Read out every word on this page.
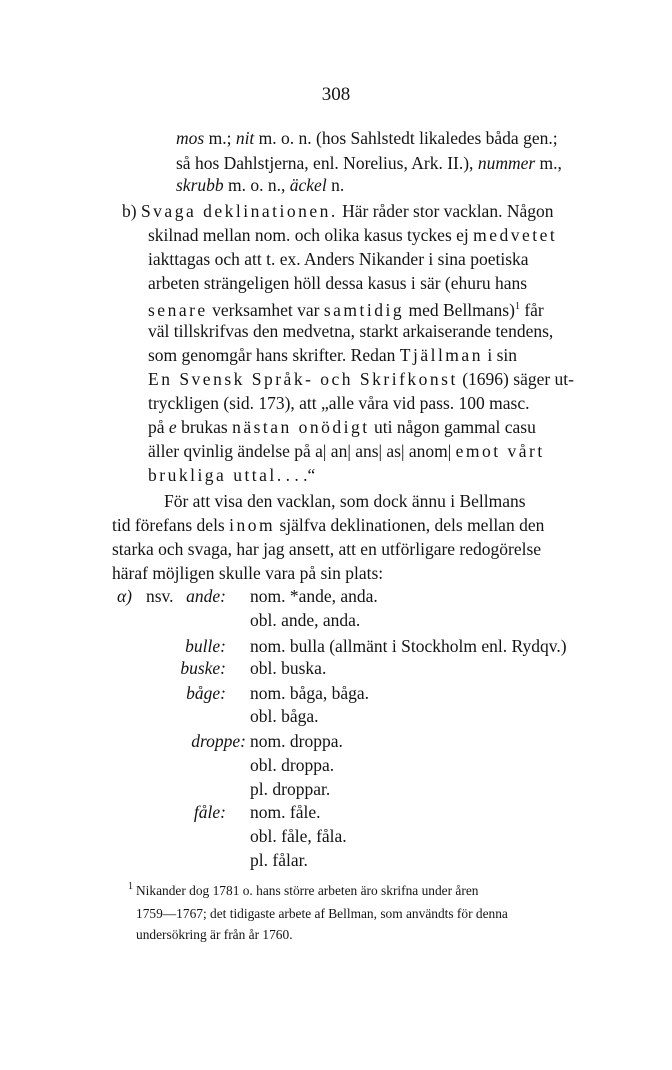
308
mos m.; nit m. o. n. (hos Sahlstedt likaledes båda gen.;
så hos Dahlstjerna, enl. Norelius, Ark. II.), nummer m.,
skrubb m. o. n., äckel n.
b) Svaga deklinationen. Här råder stor vacklan. Någon
skilnad mellan nom. och olika kasus tyckes ej medvetet
iakttagas och att t. ex. Anders Nikander i sina poetiska
arbeten strängeligen höll dessa kasus i sär (ehuru hans
senare verksamhet var samtidig med Bellmans)$^1$ får
väl tillskrifvas den medvetna, starkt arkaiserande tendens,
som genomgår hans skrifter. Redan Tjällman i sin
En Svensk Språk- och Skrifkonst (1696) säger ut-
tryckligen (sid. 173), att „alle våra vid pass. 100 masc.
på e brukas nästan onödigt uti någon gammal casu
äller qvinlig ändelse på a| an| ans| as| anom| emot vårt
brukliga uttal. . . .“
För att visa den vacklan, som dock ännu i Bellmans
tid förefans dels inom själfva deklinationen, dels mellan den
starka och svaga, har jag ansett, att en utförligare redogörelse
häraf möjligen skulle vara på sin plats:
α) nsv. ande: nom. *ande, anda.
obl. ande, anda.
bulle: nom. bulla (allmänt i Stockholm enl. Rydqv.)
buske: obl. buska.
båge: nom. båga, båga.
obl. båga.
droppe: nom. droppa.
obl. droppa.
pl. droppar.
fåle: nom. fåle.
obl. fåle, fåla.
pl. fålar.
1 Nikander dog 1781 o. hans större arbeten äro skrifna under åren
1759—1767; det tidigaste arbete af Bellman, som användts för denna
undersökring är från år 1760.
